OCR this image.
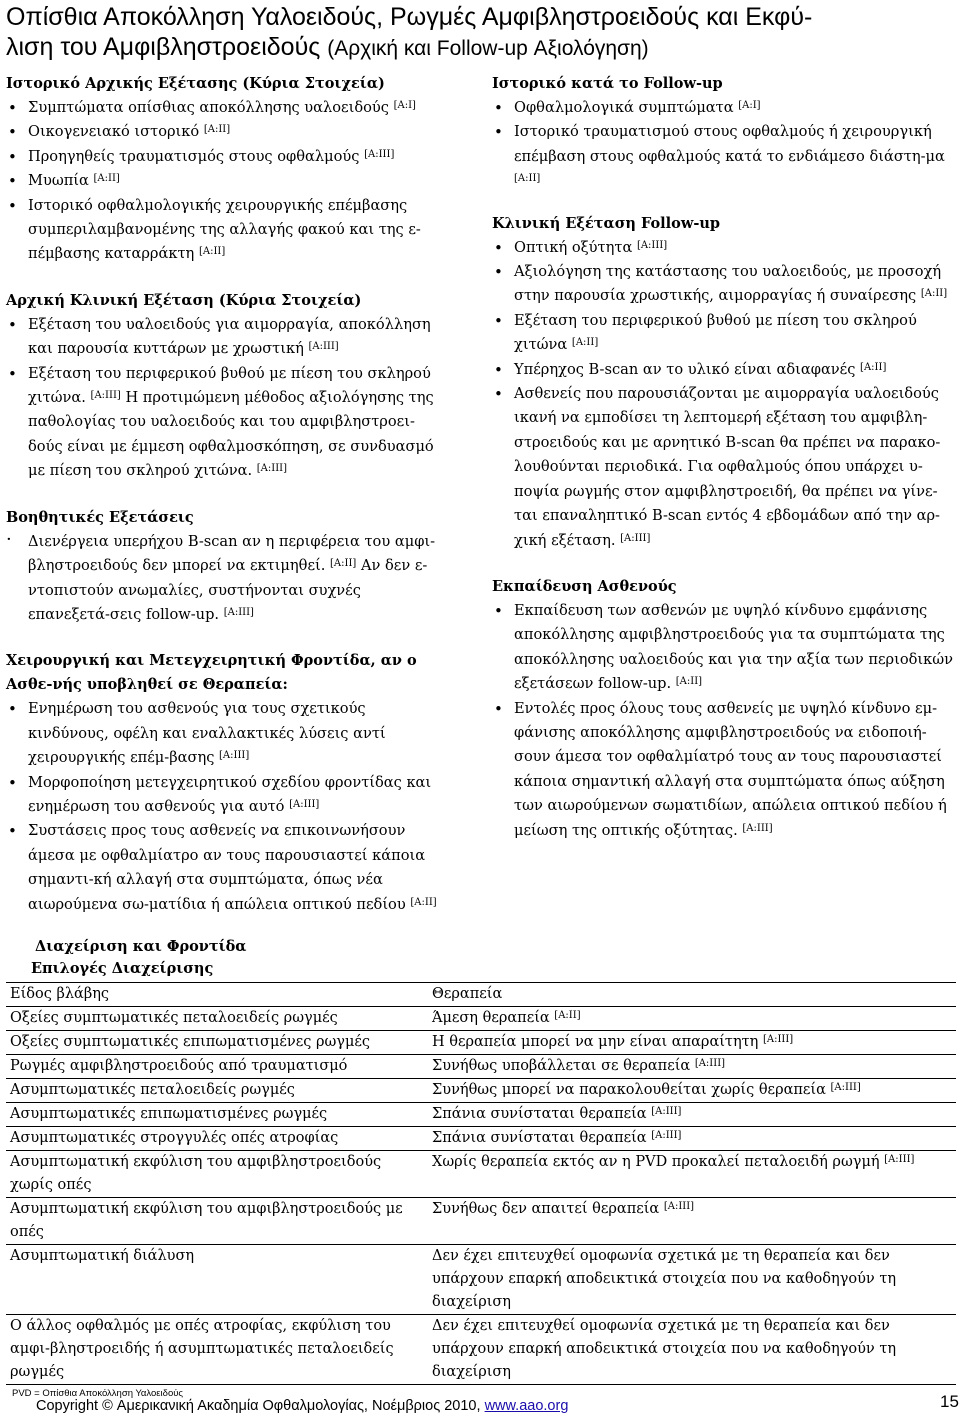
Οπίσθια Αποκόλληση Υαλοειδούς, Ρωγμές Αμφιβληστροειδούς και Εκφύ-
λιση του Αμφιβληστροειδούς (Αρχική και Follow-up Αξιολόγηση)
Ιστορικό Αρχικής Εξέτασης (Κύρια Στοιχεία)
• Συμπτώματα οπίσθιας αποκόλλησης υαλοειδούς [A:I]
• Οικογενειακό ιστορικό [A:II]
• Προηγηθείς τραυματισμός στους οφθαλμούς [A:III]
• Μυωπία [A:II]
• Ιστορικό οφθαλμολογικής χειρουργικής επέμβασης συμπεριλαμβανομένης της αλλαγής φακού και της ε-πέμβασης καταρράκτη [A:II]
Αρχική Κλινική Εξέταση (Κύρια Στοιχεία)
• Εξέταση του υαλοειδούς για αιμορραγία, αποκόλληση και παρουσία κυττάρων με χρωστική [A:III]
• Εξέταση του περιφερικού βυθού με πίεση του σκληρού χιτώνα. [A:III] Η προτιμώμενη μέθοδος αξιολόγησης της παθολογίας του υαλοειδούς και του αμφιβληστροει-δούς είναι με έμμεση οφθαλμοσκόπηση, σε συνδυασμό με πίεση του σκληρού χιτώνα. [A:III]
Βοηθητικές Εξετάσεις
· Διενέργεια υπερήχου B-scan αν η περιφέρεια του αμφι-βληστροειδούς δεν μπορεί να εκτιμηθεί. [A:II] Αν δεν ε-ντοπιστούν ανωμαλίες, συστήνονται συχνές επανεξετά-σεις follow-up. [A:III]
Χειρουργική και Μετεγχειρητική Φροντίδα, αν ο Ασθε-νής υποβληθεί σε Θεραπεία:
• Ενημέρωση του ασθενούς για τους σχετικούς κινδύνους, οφέλη και εναλλακτικές λύσεις αντί χειρουργικής επέμ-βασης [A:III]
• Μορφοποίηση μετεγχειρητικού σχεδίου φροντίδας και ενημέρωση του ασθενούς για αυτό [A:III]
• Συστάσεις προς τους ασθενείς να επικοινωνήσουν άμεσα με οφθαλμίατρο αν τους παρουσιαστεί κάποια σημαντι-κή αλλαγή στα συμπτώματα, όπως νέα αιωρούμενα σω-ματίδια ή απώλεια οπτικού πεδίου [A:II]
Ιστορικό κατά το Follow-up
• Οφθαλμολογικά συμπτώματα [A:I]
• Ιστορικό τραυματισμού στους οφθαλμούς ή χειρουργική επέμβαση στους οφθαλμούς κατά το ενδιάμεσο διάστη-μα [A:II]
Κλινική Εξέταση Follow-up
• Οπτική οξύτητα [A:III]
• Αξιολόγηση της κατάστασης του υαλοειδούς, με προσοχή στην παρουσία χρωστικής, αιμορραγίας ή συναίρεσης [A:II]
• Εξέταση του περιφερικού βυθού με πίεση του σκληρού χιτώνα [A:II]
• Υπέρηχος B-scan αν το υλικό είναι αδιαφανές [A:II]
• Ασθενείς που παρουσιάζονται με αιμορραγία υαλοειδούς ικανή να εμποδίσει τη λεπτομερή εξέταση του αμφιβλη-στροειδούς και με αρνητικό B-scan θα πρέπει να παρακο-λουθούνται περιοδικά. Για οφθαλμούς όπου υπάρχει υ-ποψία ρωγμής στον αμφιβληστροειδή, θα πρέπει να γίνε-ται επαναληπτικό B-scan εντός 4 εβδομάδων από την αρ-χική εξέταση. [A:III]
Εκπαίδευση Ασθενούς
• Εκπαίδευση των ασθενών με υψηλό κίνδυνο εμφάνισης αποκόλλησης αμφιβληστροειδούς για τα συμπτώματα της αποκόλλησης υαλοειδούς και για την αξία των περιοδικών εξετάσεων follow-up. [A:II]
• Εντολές προς όλους τους ασθενείς με υψηλό κίνδυνο εμ-φάνισης αποκόλλησης αμφιβληστροειδούς να ειδοποιή-σουν άμεσα τον οφθαλμίατρό τους αν τους παρουσιαστεί κάποια σημαντική αλλαγή στα συμπτώματα όπως αύξηση των αιωρούμενων σωματιδίων, απώλεια οπτικού πεδίου ή μείωση της οπτικής οξύτητας. [A:III]
Διαχείριση και Φροντίδα
Επιλογές Διαχείρισης
Είδος βλάβης	Θεραπεία
Οξείες συμπτωματικές πεταλοειδείς ρωγμές	Άμεση θεραπεία [A:II]
Οξείες συμπτωματικές επιπωματισμένες ρωγμές	Η θεραπεία μπορεί να μην είναι απαραίτητη [A:III]
Ρωγμές αμφιβληστροειδούς από τραυματισμό	Συνήθως υποβάλλεται σε θεραπεία [A:III]
Ασυμπτωματικές πεταλοειδείς ρωγμές	Συνήθως μπορεί να παρακολουθείται χωρίς θεραπεία [A:III]
Ασυμπτωματικές επιπωματισμένες ρωγμές	Σπάνια συνίσταται θεραπεία [A:III]
Ασυμπτωματικές στρογγυλές οπές ατροφίας	Σπάνια συνίσταται θεραπεία [A:III]
Ασυμπτωματική εκφύλιση του αμφιβληστροειδούς χωρίς οπές	Χωρίς θεραπεία εκτός αν η PVD προκαλεί πεταλοειδή ρωγμή [A:III]
Ασυμπτωματική εκφύλιση του αμφιβληστροειδούς με οπές	Συνήθως δεν απαιτεί θεραπεία [A:III]
Ασυμπτωματική διάλυση	Δεν έχει επιτευχθεί ομοφωνία σχετικά με τη θεραπεία και δεν υπάρχουν επαρκή αποδεικτικά στοιχεία που να καθοδηγούν τη διαχείριση
Ο άλλος οφθαλμός με οπές ατροφίας, εκφύλιση του αμφι-βληστροειδής ή ασυμπτωματικές πεταλοειδείς ρωγμές	Δεν έχει επιτευχθεί ομοφωνία σχετικά με τη θεραπεία και δεν υπάρχουν επαρκή αποδεικτικά στοιχεία που να καθοδηγούν τη διαχείριση
PVD = Οπίσθια Αποκόλληση Υαλοειδούς
Copyright © Αμερικανική Ακαδημία Οφθαλμολογίας, Νοέμβριος 2010, www.aao.org	15
